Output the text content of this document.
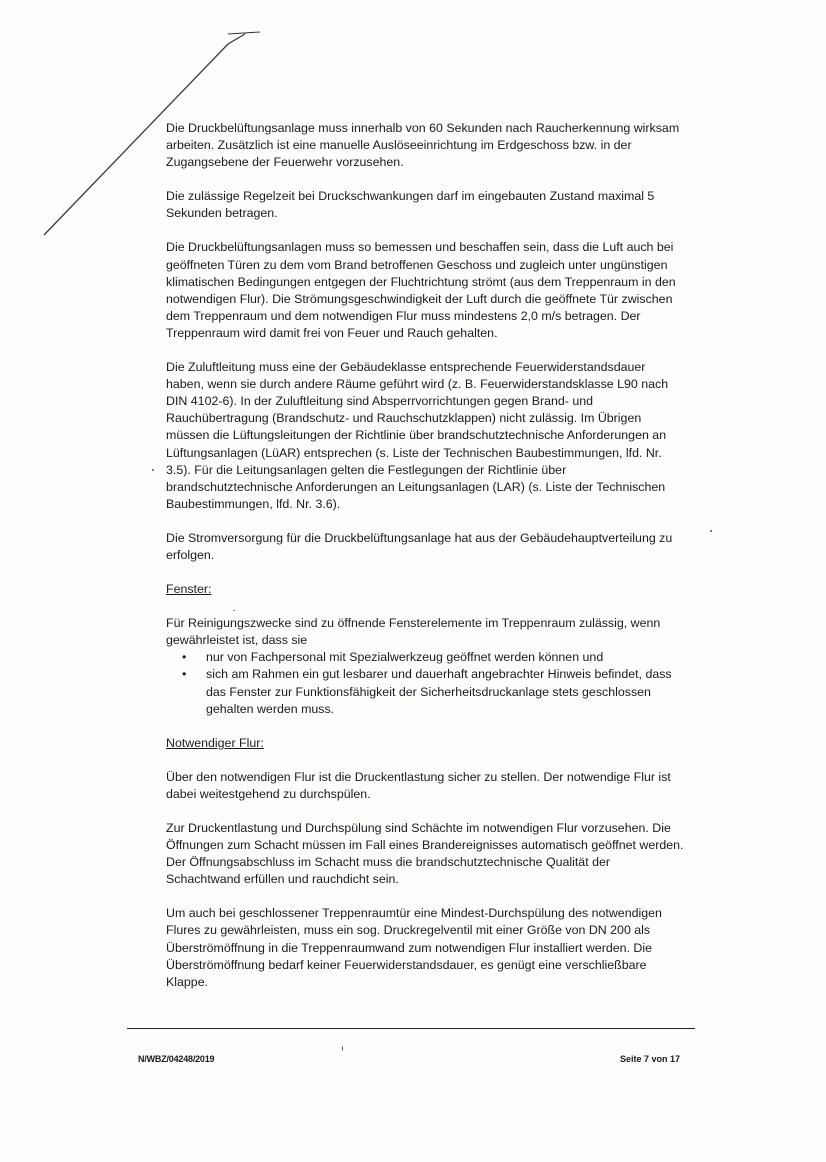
Die Druckbelüftungsanlage muss innerhalb von 60 Sekunden nach Raucherkennung wirksam arbeiten. Zusätzlich ist eine manuelle Auslöseeinrichtung im Erdgeschoss bzw. in der Zugangsebene der Feuerwehr vorzusehen.

Die zulässige Regelzeit bei Druckschwankungen darf im eingebauten Zustand maximal 5 Sekunden betragen.

Die Druckbelüftungsanlagen muss so bemessen und beschaffen sein, dass die Luft auch bei geöffneten Türen zu dem vom Brand betroffenen Geschoss und zugleich unter ungünstigen klimatischen Bedingungen entgegen der Fluchtrichtung strömt (aus dem Treppenraum in den notwendigen Flur). Die Strömungsgeschwindigkeit der Luft durch die geöffnete Tür zwischen dem Treppenraum und dem notwendigen Flur muss mindestens 2,0 m/s betragen. Der Treppenraum wird damit frei von Feuer und Rauch gehalten.

Die Zuluftleitung muss eine der Gebäudeklasse entsprechende Feuerwiderstandsdauer haben, wenn sie durch andere Räume geführt wird (z. B. Feuerwiderstandsklasse L90 nach DIN 4102-6). In der Zuluftleitung sind Absperrvorrichtungen gegen Brand- und Rauchübertragung (Brandschutz- und Rauchschutzklappen) nicht zulässig. Im Übrigen müssen die Lüftungsleitungen der Richtlinie über brandschutztechnische Anforderungen an Lüftungsanlagen (LüAR) entsprechen (s. Liste der Technischen Baubestimmungen, lfd. Nr. 3.5). Für die Leitungsanlagen gelten die Festlegungen der Richtlinie über brandschutztechnische Anforderungen an Leitungsanlagen (LAR) (s. Liste der Technischen Baubestimmungen, lfd. Nr. 3.6).

Die Stromversorgung für die Druckbelüftungsanlage hat aus der Gebäudehauptverteilung zu erfolgen.

Fenster:

Für Reinigungszwecke sind zu öffnende Fensterelemente im Treppenraum zulässig, wenn gewährleistet ist, dass sie

• nur von Fachpersonal mit Spezialwerkzeug geöffnet werden können und
• sich am Rahmen ein gut lesbarer und dauerhaft angebrachter Hinweis befindet, dass das Fenster zur Funktionsfähigkeit der Sicherheitsdruckanlage stets geschlossen gehalten werden muss.
Notwendiger Flur:

Über den notwendigen Flur ist die Druckentlastung sicher zu stellen. Der notwendige Flur ist dabei weitestgehend zu durchspülen.

Zur Druckentlastung und Durchspülung sind Schächte im notwendigen Flur vorzusehen. Die Öffnungen zum Schacht müssen im Fall eines Brandereignisses automatisch geöffnet werden. Der Öffnungsabschluss im Schacht muss die brandschutztechnische Qualität der Schachtwand erfüllen und rauchdicht sein.

Um auch bei geschlossener Treppenraumtür eine Mindest-Durchspülung des notwendigen Flures zu gewährleisten, muss ein sog. Druckregelventil mit einer Größe von DN 200 als Überströmöffnung in die Treppenraumwand zum notwendigen Flur installiert werden. Die Überströmöffnung bedarf keiner Feuerwiderstandsdauer, es genügt eine verschließbare Klappe.

N/WBZ/04248/2019	Seite 7 von 17
